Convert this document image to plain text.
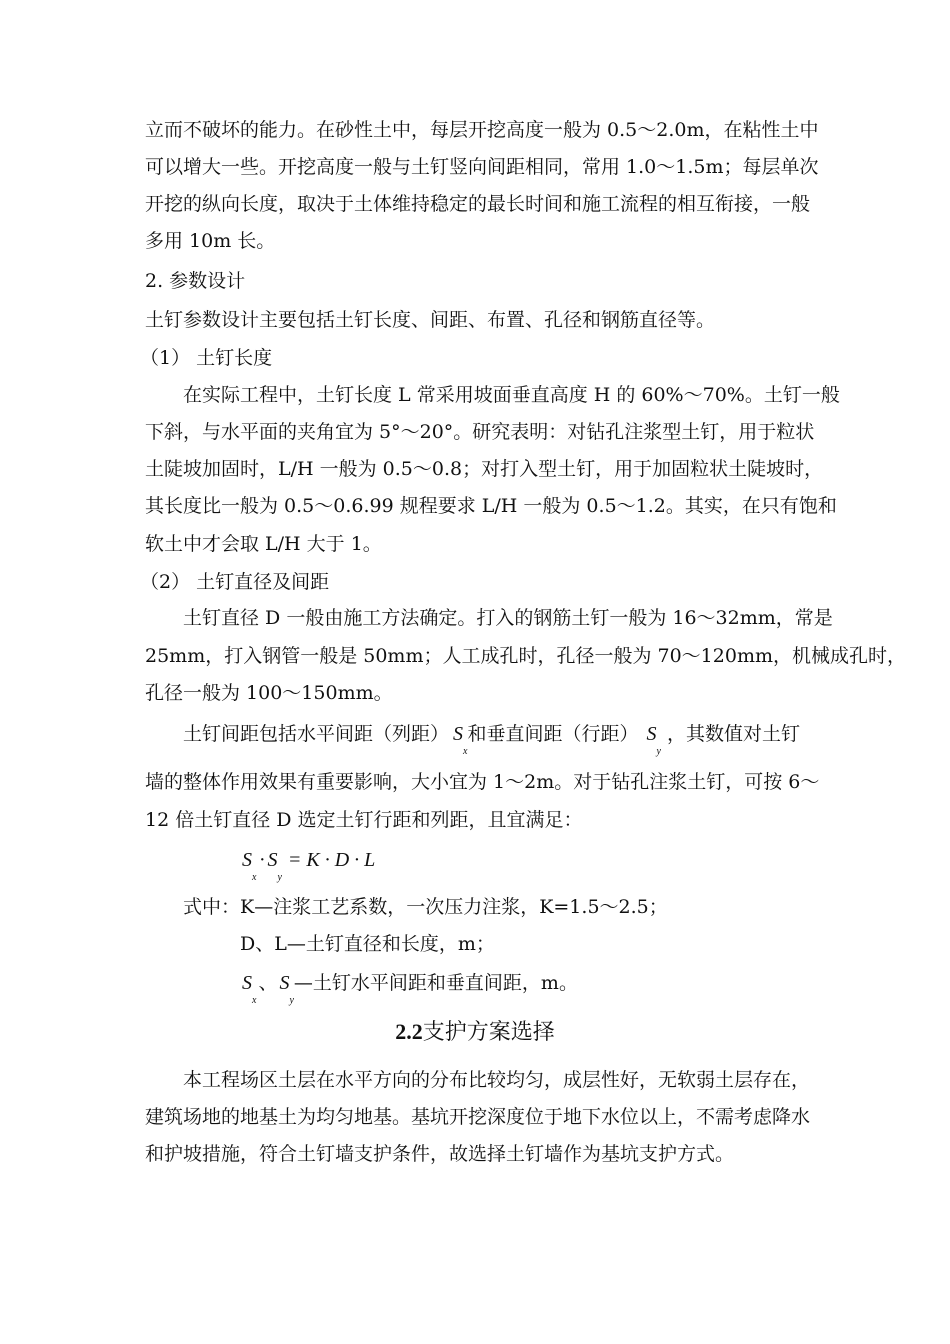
立而不破坏的能力。在砂性土中，每层开挖高度一般为 0.5～2.0m，在粘性土中
可以增大一些。开挖高度一般与土钉竖向间距相同，常用 1.0～1.5m；每层单次
开挖的纵向长度，取决于土体维持稳定的最长时间和施工流程的相互衔接，一般
多用 10m 长。
2. 参数设计
土钉参数设计主要包括土钉长度、间距、布置、孔径和钢筋直径等。
（1） 土钉长度
在实际工程中，土钉长度 L 常采用坡面垂直高度 H 的 60%～70%。土钉一般
下斜，与水平面的夹角宜为 5°～20°。研究表明：对钻孔注浆型土钉，用于粒状
土陡坡加固时，L/H 一般为 0.5～0.8；对打入型土钉，用于加固粒状土陡坡时，
其长度比一般为 0.5～0.6.99 规程要求 L/H 一般为 0.5～1.2。其实，在只有饱和
软土中才会取 L/H 大于 1。
（2） 土钉直径及间距
土钉直径 D 一般由施工方法确定。打入的钢筋土钉一般为 16～32mm，常是
25mm，打入钢管一般是 50mm；人工成孔时，孔径一般为 70～120mm，机械成孔时，
孔径一般为 100～150mm。
土钉间距包括水平间距（列距） $S_x$和垂直间距（行距） $S_y$，其数值对土钉
墙的整体作用效果有重要影响，大小宜为 1～2m。对于钻孔注浆土钉，可按 6～
12 倍土钉直径 D 选定土钉行距和列距，且宜满足：
$S_x\cdot S_y= K \cdot D \cdot L$
式中：K—注浆工艺系数，一次压力注浆，K=1.5～2.5；
D、L—土钉直径和长度，m；
$S_x$、 $S_y—$土钉水平间距和垂直间距，m。
2.2支护方案选择
本工程场区土层在水平方向的分布比较均匀，成层性好，无软弱土层存在，
建筑场地的地基土为均匀地基。基坑开挖深度位于地下水位以上，不需考虑降水
和护坡措施，符合土钉墙支护条件，故选择土钉墙作为基坑支护方式。
